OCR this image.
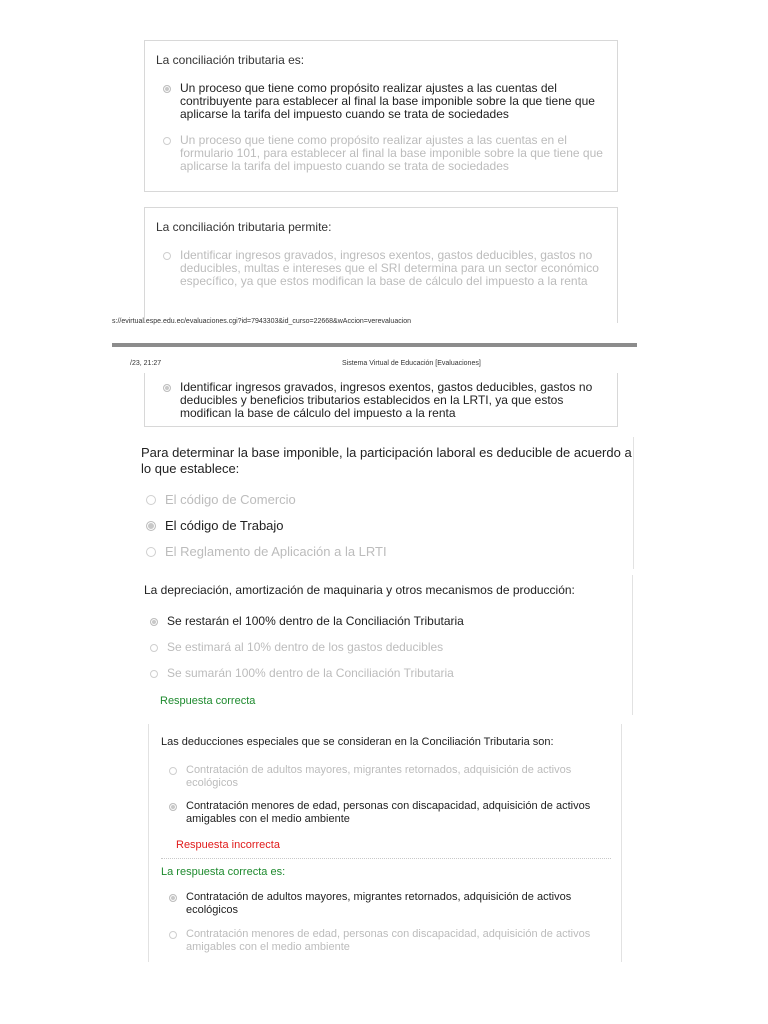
La conciliación tributaria es:
Un proceso que tiene como propósito realizar ajustes a las cuentas del
contribuyente para establecer al final la base imponible sobre la que tiene que
aplicarse la tarifa del impuesto cuando se trata de sociedades
Un proceso que tiene como propósito realizar ajustes a las cuentas en el
formulario 101, para establecer al final la base imponible sobre la que tiene que
aplicarse la tarifa del impuesto cuando se trata de sociedades
La conciliación tributaria permite:
Identificar ingresos gravados, ingresos exentos, gastos deducibles, gastos no
deducibles, multas e intereses que el SRI determina para un sector económico
específico, ya que estos modifican la base de cálculo del impuesto a la renta
s://evirtual.espe.edu.ec/evaluaciones.cgi?id=7943303&id_curso=22668&wAccion=verevaluacion
/23, 21:27	Sistema Virtual de Educación [Evaluaciones]
Identificar ingresos gravados, ingresos exentos, gastos deducibles, gastos no
deducibles y beneficios tributarios establecidos en la LRTI, ya que estos
modifican la base de cálculo del impuesto a la renta
Para determinar la base imponible, la participación laboral es deducible de acuerdo a
lo que establece:
El código de Comercio
El código de Trabajo
El Reglamento de Aplicación a la LRTI
La depreciación, amortización de maquinaria y otros mecanismos de producción:
Se restarán el 100% dentro de la Conciliación Tributaria
Se estimará al 10% dentro de los gastos deducibles
Se sumarán 100% dentro de la Conciliación Tributaria
Respuesta correcta
Las deducciones especiales que se consideran en la Conciliación Tributaria son:
Contratación de adultos mayores, migrantes retornados, adquisición de activos
ecológicos
Contratación menores de edad, personas con discapacidad, adquisición de activos
amigables con el medio ambiente
Respuesta incorrecta
La respuesta correcta es:
Contratación de adultos mayores, migrantes retornados, adquisición de activos
ecológicos
Contratación menores de edad, personas con discapacidad, adquisición de activos
amigables con el medio ambiente
